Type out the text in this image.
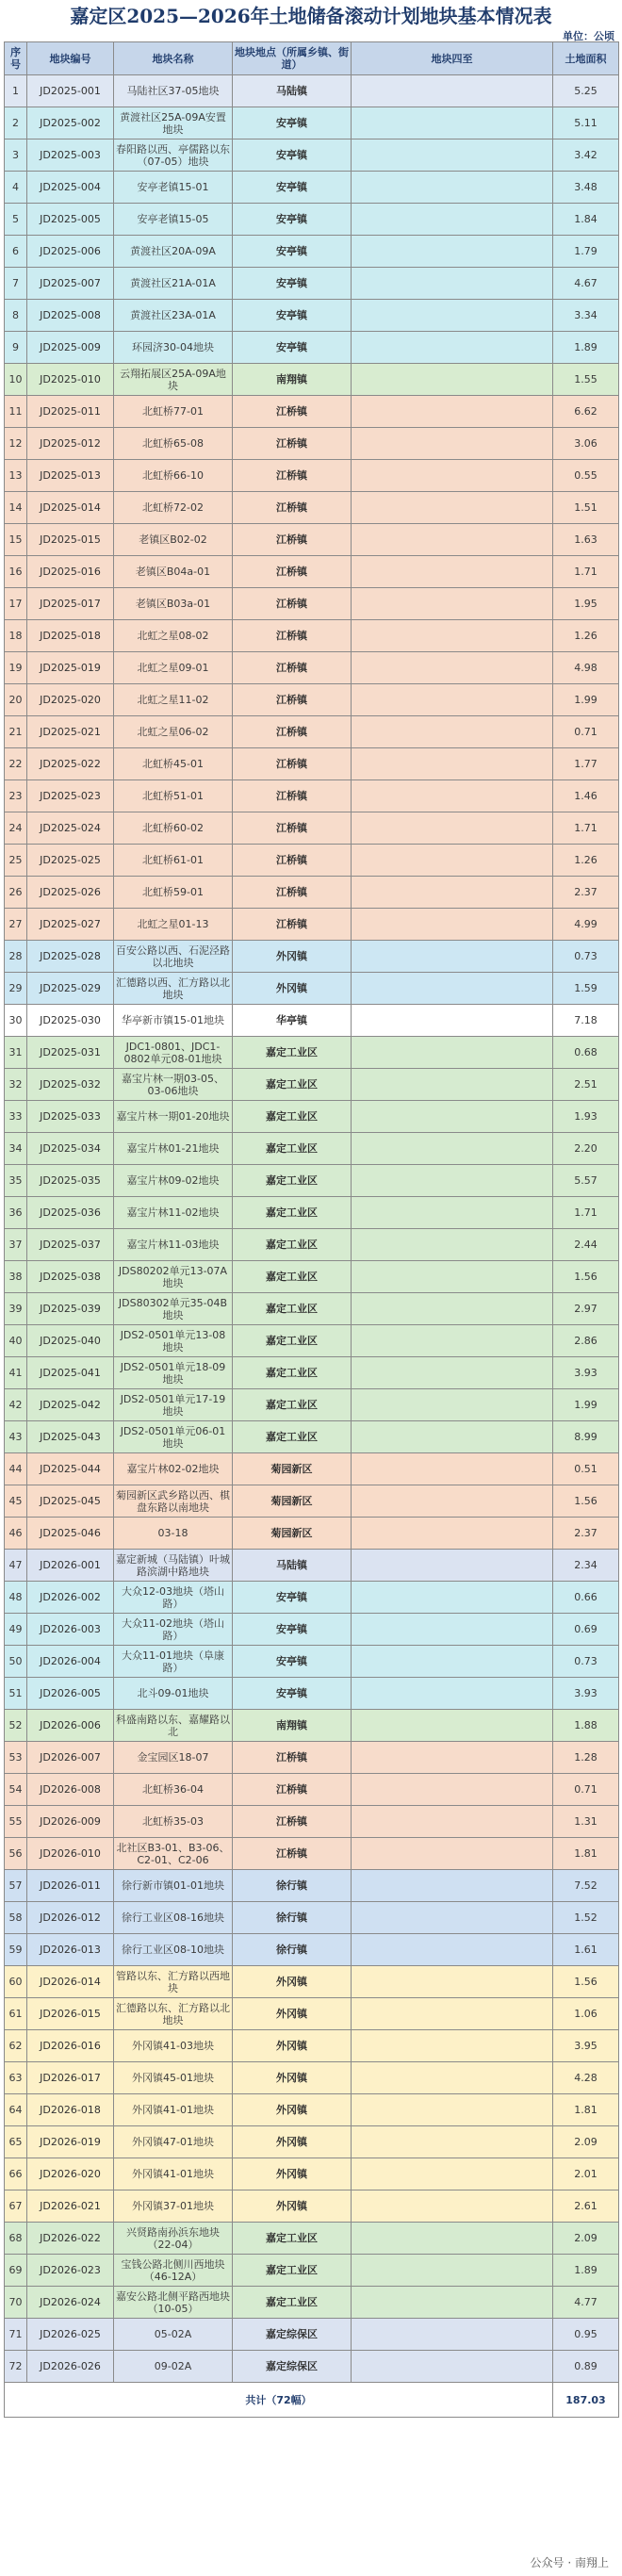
嘉定区2025—2026年土地储备滚动计划地块基本情况表
单位：公顷
序号	地块编号	地块名称	地块地点（所属乡镇、街道）	地块四至	土地面积
1	JD2025-001	马陆社区37-05地块	马陆镇		5.25
2	JD2025-002	黄渡社区25A-09A安置地块	安亭镇		5.11
3	JD2025-003	春阳路以西、亭儒路以东（07-05）地块	安亭镇		3.42
4	JD2025-004	安亭老镇15-01	安亭镇		3.48
5	JD2025-005	安亭老镇15-05	安亭镇		1.84
6	JD2025-006	黄渡社区20A-09A	安亭镇		1.79
7	JD2025-007	黄渡社区21A-01A	安亭镇		4.67
8	JD2025-008	黄渡社区23A-01A	安亭镇		3.34
9	JD2025-009	环园济30-04地块	安亭镇		1.89
10	JD2025-010	云翔拓展区25A-09A地块	南翔镇		1.55
11	JD2025-011	北虹桥77-01	江桥镇		6.62
12	JD2025-012	北虹桥65-08	江桥镇		3.06
13	JD2025-013	北虹桥66-10	江桥镇		0.55
14	JD2025-014	北虹桥72-02	江桥镇		1.51
15	JD2025-015	老镇区B02-02	江桥镇		1.63
16	JD2025-016	老镇区B04a-01	江桥镇		1.71
17	JD2025-017	老镇区B03a-01	江桥镇		1.95
18	JD2025-018	北虹之星08-02	江桥镇		1.26
19	JD2025-019	北虹之星09-01	江桥镇		4.98
20	JD2025-020	北虹之星11-02	江桥镇		1.99
21	JD2025-021	北虹之星06-02	江桥镇		0.71
22	JD2025-022	北虹桥45-01	江桥镇		1.77
23	JD2025-023	北虹桥51-01	江桥镇		1.46
24	JD2025-024	北虹桥60-02	江桥镇		1.71
25	JD2025-025	北虹桥61-01	江桥镇		1.26
26	JD2025-026	北虹桥59-01	江桥镇		2.37
27	JD2025-027	北虹之星01-13	江桥镇		4.99
28	JD2025-028	百安公路以西、石泥泾路以北地块	外冈镇		0.73
29	JD2025-029	汇德路以西、汇方路以北地块	外冈镇		1.59
30	JD2025-030	华亭新市镇15-01地块	华亭镇		7.18
31	JD2025-031	JDC1-0801、JDC1-0802单元08-01地块	嘉定工业区		0.68
32	JD2025-032	嘉宝片林一期03-05、03-06地块	嘉定工业区		2.51
33	JD2025-033	嘉宝片林一期01-20地块	嘉定工业区		1.93
34	JD2025-034	嘉宝片林01-21地块	嘉定工业区		2.20
35	JD2025-035	嘉宝片林09-02地块	嘉定工业区		5.57
36	JD2025-036	嘉宝片林11-02地块	嘉定工业区		1.71
37	JD2025-037	嘉宝片林11-03地块	嘉定工业区		2.44
38	JD2025-038	JDS80202单元13-07A地块	嘉定工业区		1.56
39	JD2025-039	JDS80302单元35-04B地块	嘉定工业区		2.97
40	JD2025-040	JDS2-0501单元13-08地块	嘉定工业区		2.86
41	JD2025-041	JDS2-0501单元18-09地块	嘉定工业区		3.93
42	JD2025-042	JDS2-0501单元17-19地块	嘉定工业区		1.99
43	JD2025-043	JDS2-0501单元06-01地块	嘉定工业区		8.99
44	JD2025-044	嘉宝片林02-02地块	菊园新区		0.51
45	JD2025-045	菊园新区武乡路以西、棋盘东路以南地块	菊园新区		1.56
46	JD2025-046	03-18	菊园新区		2.37
47	JD2026-001	嘉定新城（马陆镇）叶城路滨湖中路地块	马陆镇		2.34
48	JD2026-002	大众12-03地块（塔山路）	安亭镇		0.66
49	JD2026-003	大众11-02地块（塔山路）	安亭镇		0.69
50	JD2026-004	大众11-01地块（阜康路）	安亭镇		0.73
51	JD2026-005	北斗09-01地块	安亭镇		3.93
52	JD2026-006	科盛南路以东、嘉耀路以北	南翔镇		1.88
53	JD2026-007	金宝园区18-07	江桥镇		1.28
54	JD2026-008	北虹桥36-04	江桥镇		0.71
55	JD2026-009	北虹桥35-03	江桥镇		1.31
56	JD2026-010	北社区B3-01、B3-06、C2-01、C2-06	江桥镇		1.81
57	JD2026-011	徐行新市镇01-01地块	徐行镇		7.52
58	JD2026-012	徐行工业区08-16地块	徐行镇		1.52
59	JD2026-013	徐行工业区08-10地块	徐行镇		1.61
60	JD2026-014	管路以东、汇方路以西地块	外冈镇		1.56
61	JD2026-015	汇德路以东、汇方路以北地块	外冈镇		1.06
62	JD2026-016	外冈镇41-03地块	外冈镇		3.95
63	JD2026-017	外冈镇45-01地块	外冈镇		4.28
64	JD2026-018	外冈镇41-01地块	外冈镇		1.81
65	JD2026-019	外冈镇47-01地块	外冈镇		2.09
66	JD2026-020	外冈镇41-01地块	外冈镇		2.01
67	JD2026-021	外冈镇37-01地块	外冈镇		2.61
68	JD2026-022	兴贤路南孙浜东地块（22-04）	嘉定工业区		2.09
69	JD2026-023	宝钱公路北侧川西地块（46-12A）	嘉定工业区		1.89
70	JD2026-024	嘉安公路北侧平路西地块（10-05）	嘉定工业区		4.77
71	JD2026-025	05-02A	嘉定综保区		0.95
72	JD2026-026	09-02A	嘉定综保区		0.89
共计（72幅）					187.03
公众号 · 南翔上
